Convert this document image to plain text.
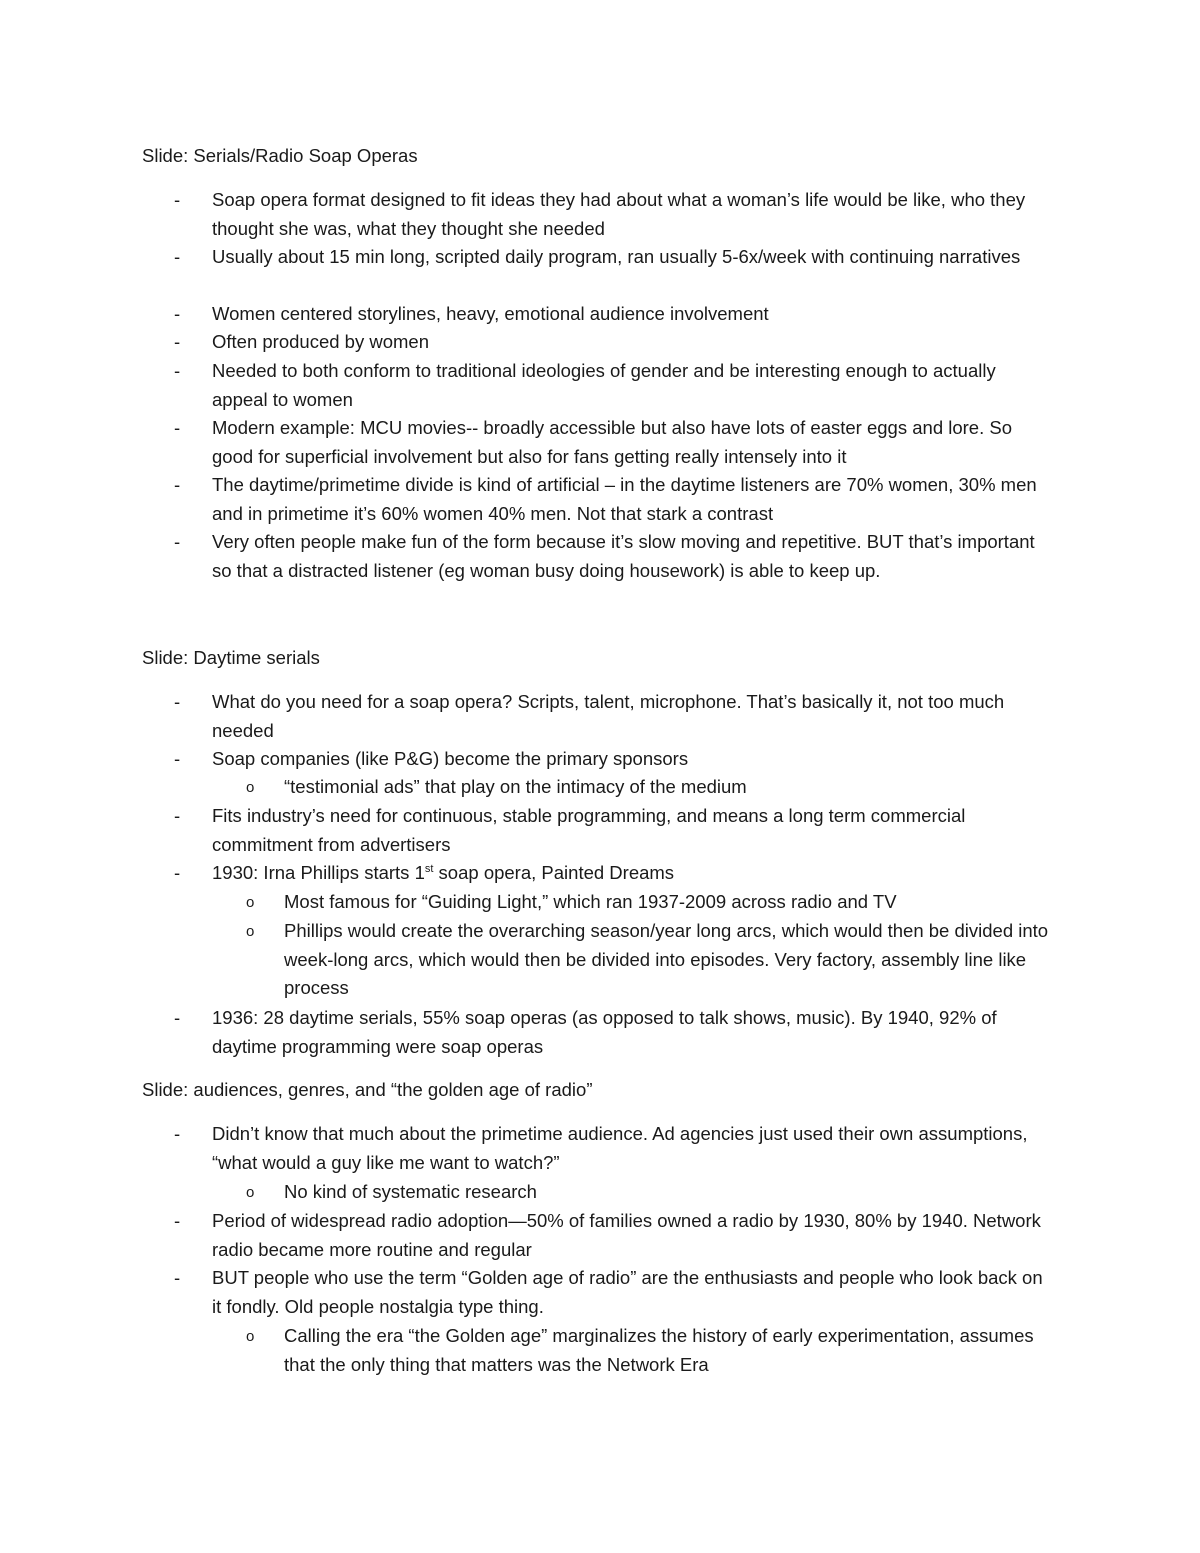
Slide: Serials/Radio Soap Operas
-	Soap opera format designed to fit ideas they had about what a woman’s life would be like, who they thought she was, what they thought she needed
-	Usually about 15 min long, scripted daily program, ran usually 5-6x/week with continuing narratives
-	Women centered storylines, heavy, emotional audience involvement
-	Often produced by women
-	Needed to both conform to traditional ideologies of gender and be interesting enough to actually appeal to women
-	Modern example: MCU movies-- broadly accessible but also have lots of easter eggs and lore. So good for superficial involvement but also for fans getting really intensely into it
-	The daytime/primetime divide is kind of artificial – in the daytime listeners are 70% women, 30% men and in primetime it’s 60% women 40% men. Not that stark a contrast
-	Very often people make fun of the form because it’s slow moving and repetitive. BUT that’s important so that a distracted listener (eg woman busy doing housework) is able to keep up.
Slide: Daytime serials
-	What do you need for a soap opera? Scripts, talent, microphone. That’s basically it, not too much needed
-	Soap companies (like P&G) become the primary sponsors
o	“testimonial ads” that play on the intimacy of the medium
-	Fits industry’s need for continuous, stable programming, and means a long term commercial commitment from advertisers
-	1930: Irna Phillips starts 1st soap opera, Painted Dreams
o	Most famous for “Guiding Light,” which ran 1937-2009 across radio and TV
o	Phillips would create the overarching season/year long arcs, which would then be divided into week-long arcs, which would then be divided into episodes. Very factory, assembly line like process
-	1936: 28 daytime serials, 55% soap operas (as opposed to talk shows, music). By 1940, 92% of daytime programming were soap operas
Slide: audiences, genres, and “the golden age of radio”
-	Didn’t know that much about the primetime audience. Ad agencies just used their own assumptions, “what would a guy like me want to watch?”
o	No kind of systematic research
-	Period of widespread radio adoption—50% of families owned a radio by 1930, 80% by 1940. Network radio became more routine and regular
-	BUT people who use the term “Golden age of radio” are the enthusiasts and people who look back on it fondly. Old people nostalgia type thing.
o	Calling the era “the Golden age” marginalizes the history of early experimentation, assumes that the only thing that matters was the Network Era
